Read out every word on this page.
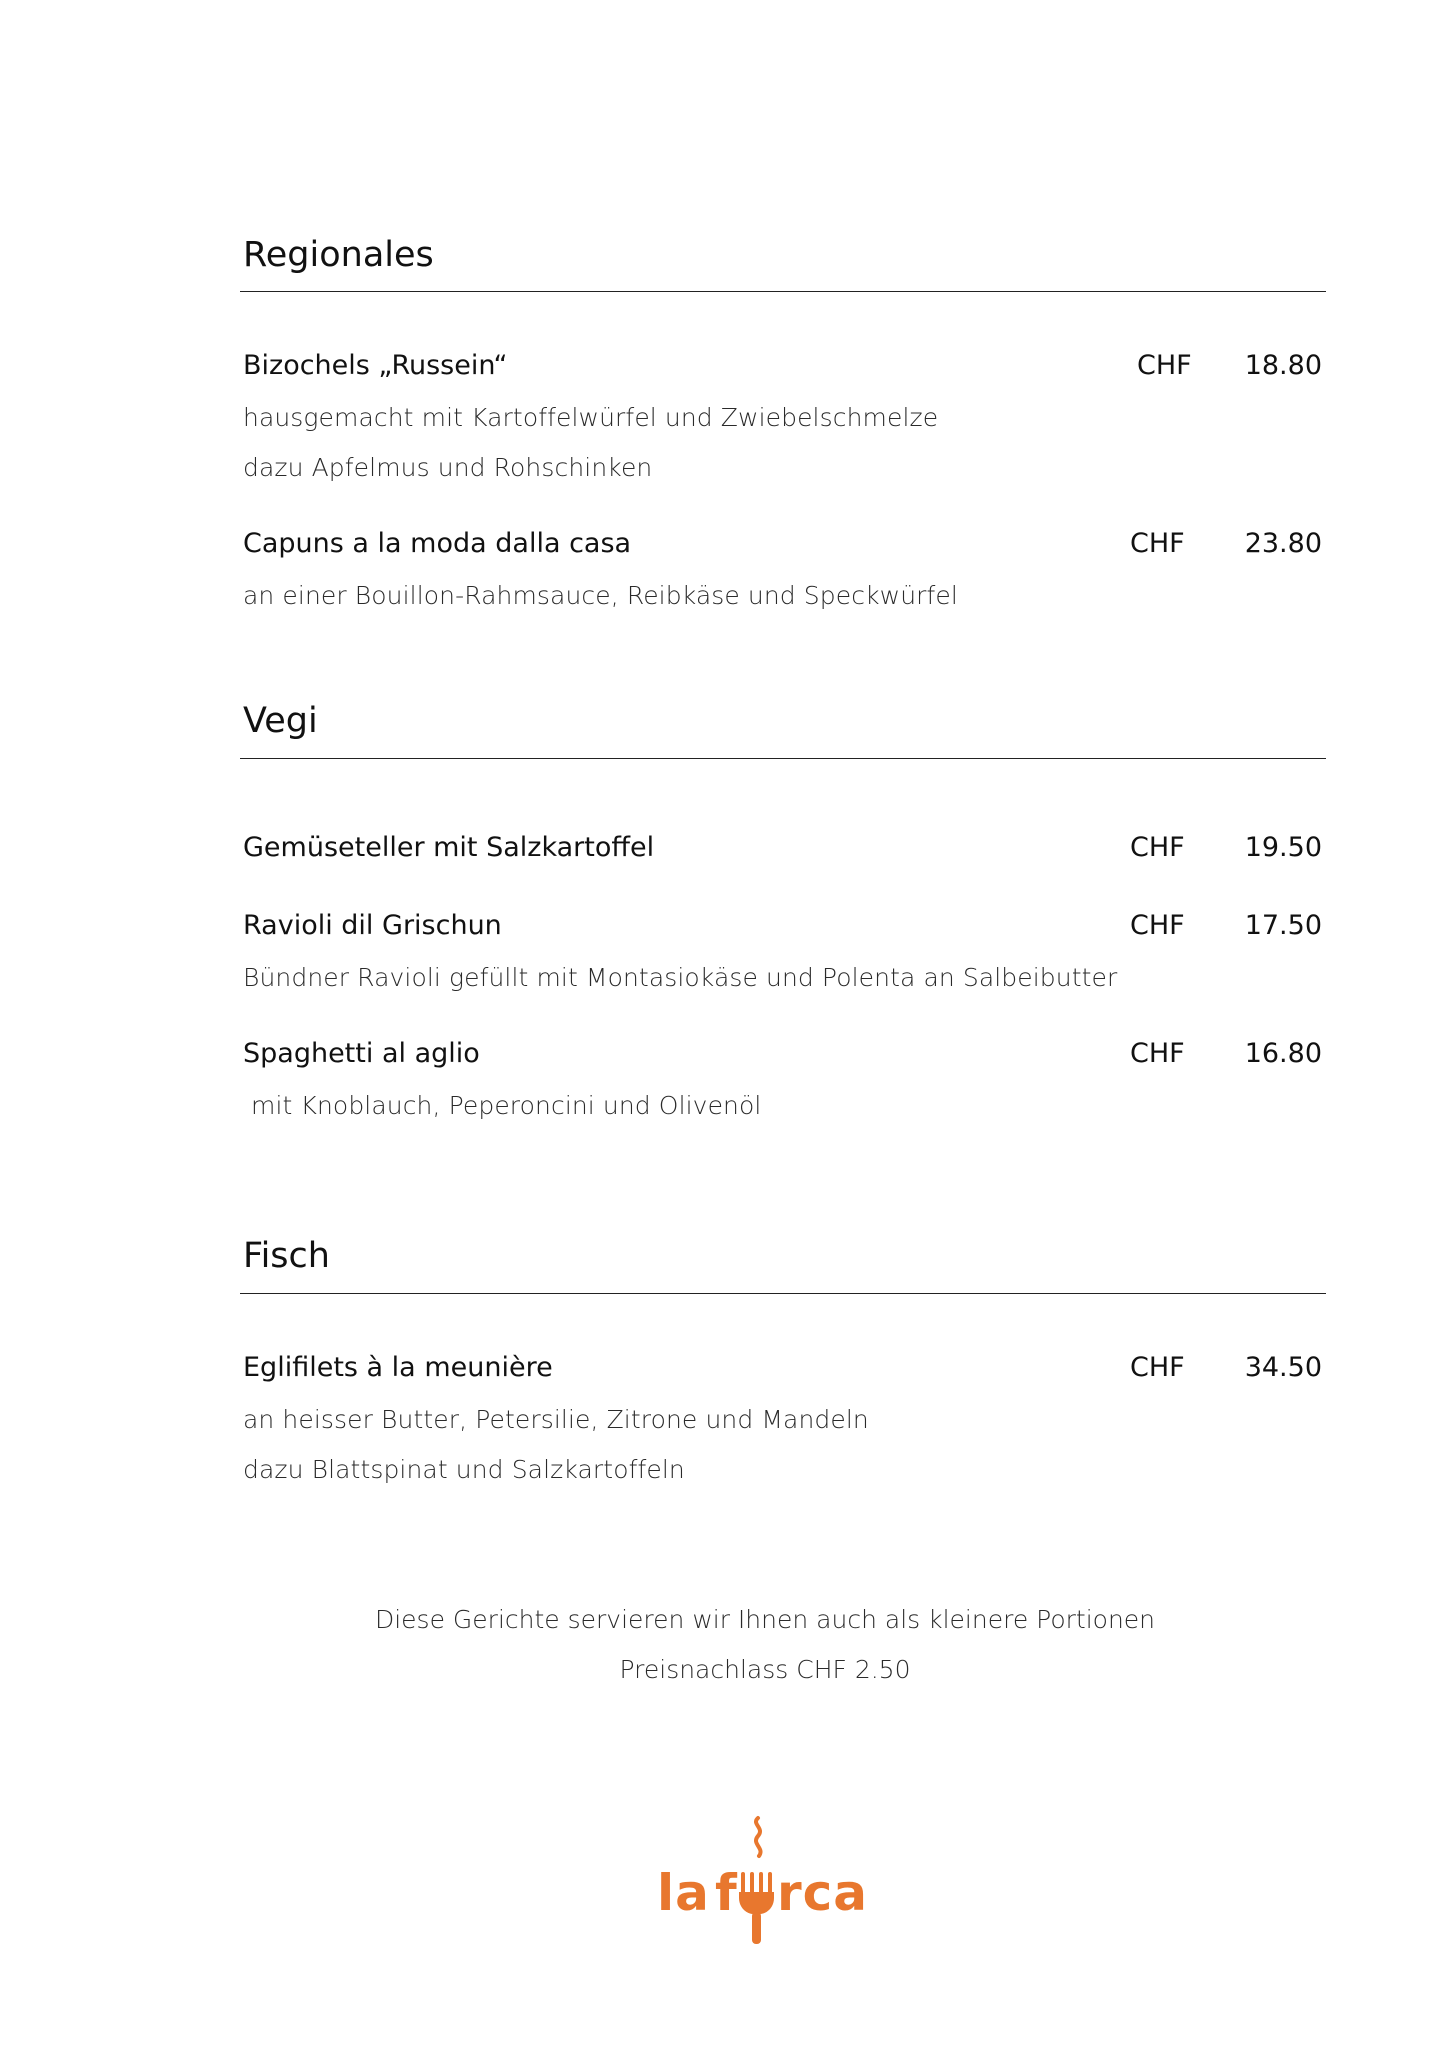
Regionales
Bizochels „Russein“	CHF 18.80
hausgemacht mit Kartoffelwürfel und Zwiebelschmelze
dazu Apfelmus und Rohschinken
Capuns a la moda dalla casa	CHF 23.80
an einer Bouillon-Rahmsauce, Reibkäse und Speckwürfel
Vegi
Gemüseteller mit Salzkartoffel	CHF 19.50
Ravioli dil Grischun	CHF 17.50
Bündner Ravioli gefüllt mit Montasiokäse und Polenta an Salbeibutter
Spaghetti al aglio	CHF 16.80
mit Knoblauch, Peperoncini und Olivenöl
Fisch
Eglifilets à la meunière	CHF 34.50
an heisser Butter, Petersilie, Zitrone und Mandeln
dazu Blattspinat und Salzkartoffeln
Diese Gerichte servieren wir Ihnen auch als kleinere Portionen
Preisnachlass CHF 2.50
la f rca
